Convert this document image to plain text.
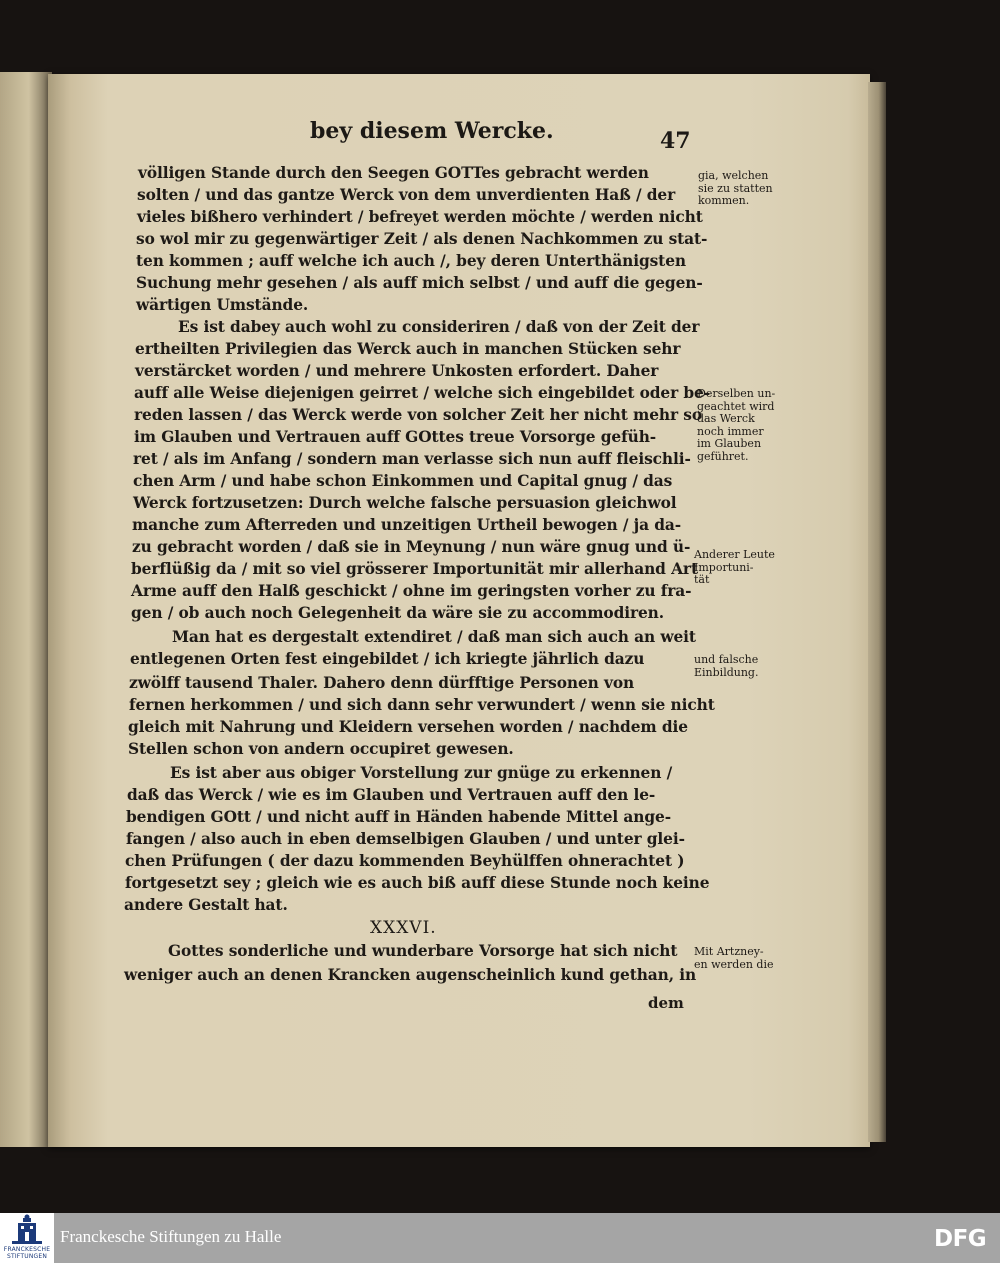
bey diesem Wercke.	47
völligen Stande durch den Seegen GOTTes gebracht werden
solten / und das gantze Werck von dem unverdienten Haß / der
vieles bißhero verhindert / befreyet werden möchte / werden nicht
so wol mir zu gegenwärtiger Zeit / als denen Nachkommen zu stat-
ten kommen ; auff welche ich auch /, bey deren Unterthänigsten
Suchung mehr gesehen / als auff mich selbst / und auff die gegen-
wärtigen Umstände.
Es ist dabey auch wohl zu consideriren / daß von der Zeit der
ertheilten Privilegien das Werck auch in manchen Stücken sehr
verstärcket worden / und mehrere Unkosten erfordert. Daher
auff alle Weise diejenigen geirret / welche sich eingebildet oder be-
reden lassen / das Werck werde von solcher Zeit her nicht mehr so
im Glauben und Vertrauen auff GOttes treue Vorsorge gefüh-
ret / als im Anfang / sondern man verlasse sich nun auff fleischli-
chen Arm / und habe schon Einkommen und Capital gnug / das
Werck fortzusetzen: Durch welche falsche persuasion gleichwol
manche zum Afterreden und unzeitigen Urtheil bewogen / ja da-
zu gebracht worden / daß sie in Meynung / nun wäre gnug und ü-
berflüßig da / mit so viel grösserer Importunität mir allerhand Art
Arme auff den Halß geschickt / ohne im geringsten vorher zu fra-
gen / ob auch noch Gelegenheit da wäre sie zu accommodiren.
Man hat es dergestalt extendiret / daß man sich auch an weit
entlegenen Orten fest eingebildet / ich kriegte jährlich dazu
zwölff tausend Thaler. Dahero denn dürfftige Personen von
fernen herkommen / und sich dann sehr verwundert / wenn sie nicht
gleich mit Nahrung und Kleidern versehen worden / nachdem die
Stellen schon von andern occupiret gewesen.
Es ist aber aus obiger Vorstellung zur gnüge zu erkennen /
daß das Werck / wie es im Glauben und Vertrauen auff den le-
bendigen GOtt / und nicht auff in Händen habende Mittel ange-
fangen / also auch in eben demselbigen Glauben / und unter glei-
chen Prüfungen ( der dazu kommenden Beyhülffen ohnerachtet )
fortgesetzt sey ; gleich wie es auch biß auff diese Stunde noch keine
andere Gestalt hat.
XXXVI.
Gottes sonderliche und wunderbare Vorsorge hat sich nicht
weniger auch an denen Krancken augenscheinlich kund gethan, in
dem
gia, welchen
sie zu statten
kommen.
Derselben un-
geachtet wird
das Werck
noch immer
im Glauben
geführet.
Anderer Leute
Importuni-
tät
und falsche
Einbildung.
Mit Artzney-
en werden die
FRANCKESCHE STIFTUNGEN
Franckesche Stiftungen zu Halle	DFG
